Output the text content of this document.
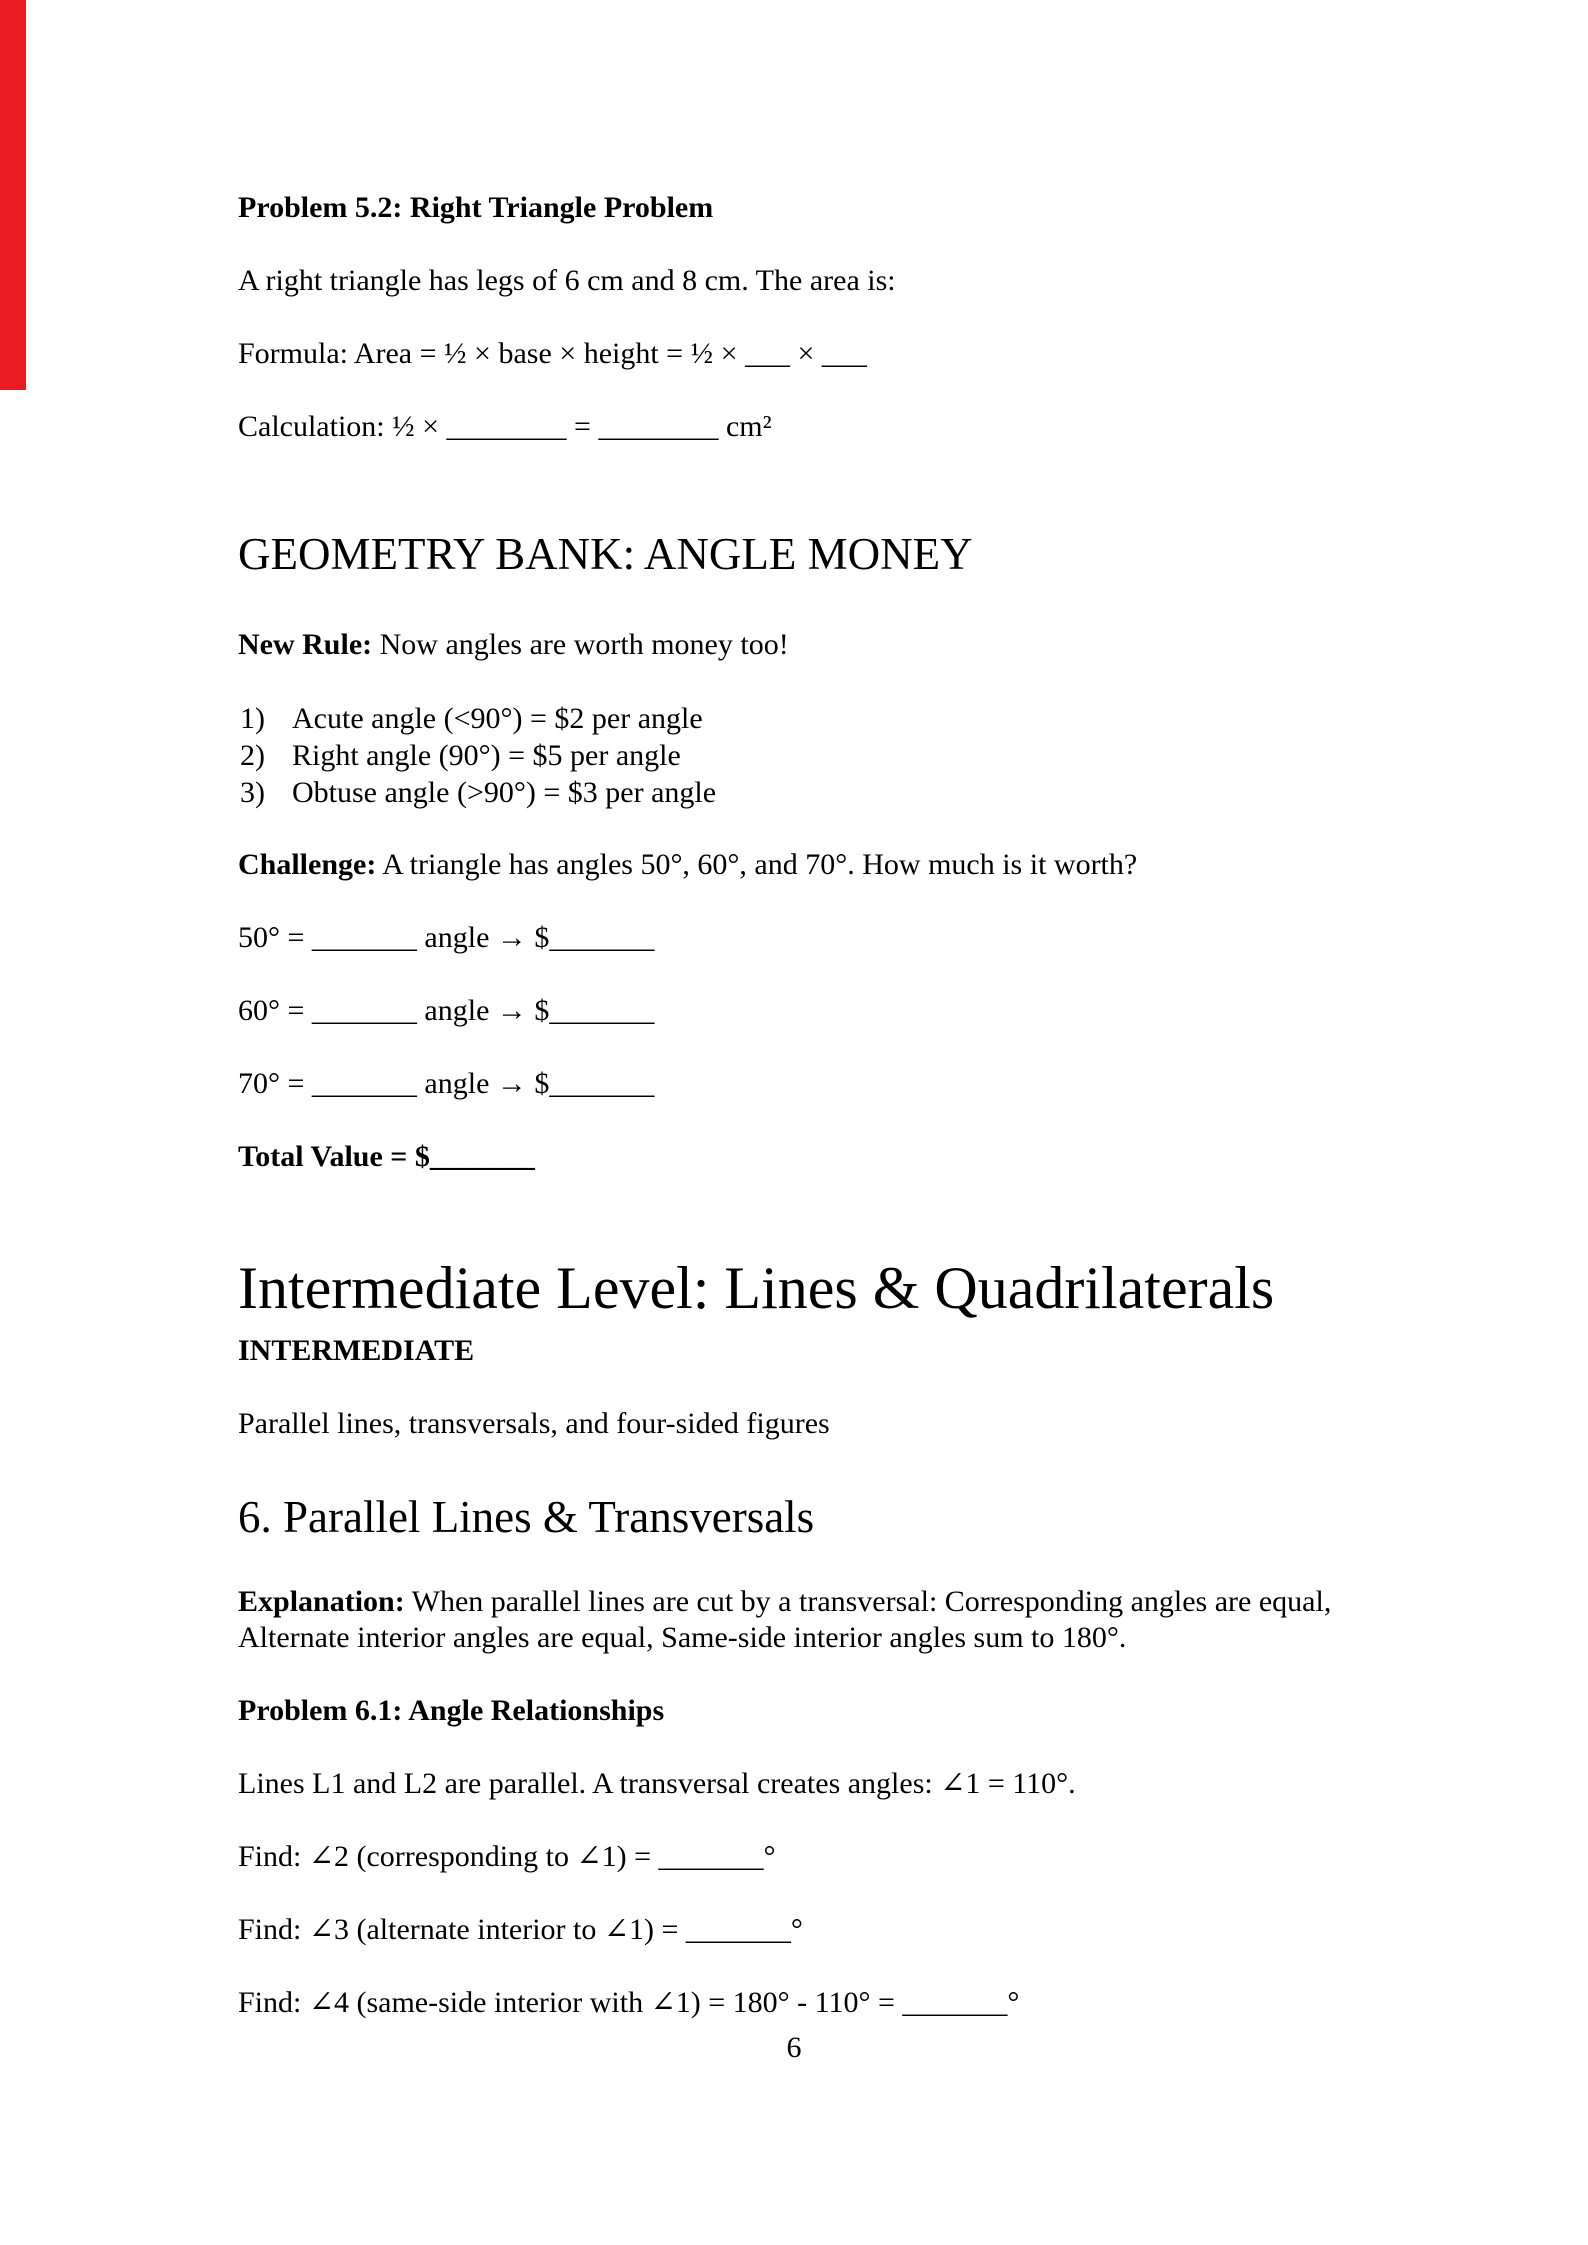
Problem 5.2: Right Triangle Problem

A right triangle has legs of 6 cm and 8 cm. The area is:

Formula: Area = ½ × base × height = ½ × ___ × ___

Calculation: ½ × ________ = ________ cm²

GEOMETRY BANK: ANGLE MONEY

New Rule: Now angles are worth money too!

1) Acute angle (<90°) = $2 per angle
2) Right angle (90°) = $5 per angle
3) Obtuse angle (>90°) = $3 per angle

Challenge: A triangle has angles 50°, 60°, and 70°. How much is it worth?

50° = _______ angle → $_______

60° = _______ angle → $_______

70° = _______ angle → $_______

Total Value = $_______

Intermediate Level: Lines & Quadrilaterals

INTERMEDIATE

Parallel lines, transversals, and four-sided figures

6. Parallel Lines & Transversals

Explanation: When parallel lines are cut by a transversal: Corresponding angles are equal, Alternate interior angles are equal, Same-side interior angles sum to 180°.

Problem 6.1: Angle Relationships

Lines L1 and L2 are parallel. A transversal creates angles: ∠1 = 110°.

Find: ∠2 (corresponding to ∠1) = _______°

Find: ∠3 (alternate interior to ∠1) = _______°

Find: ∠4 (same-side interior with ∠1) = 180° - 110° = _______°

6
